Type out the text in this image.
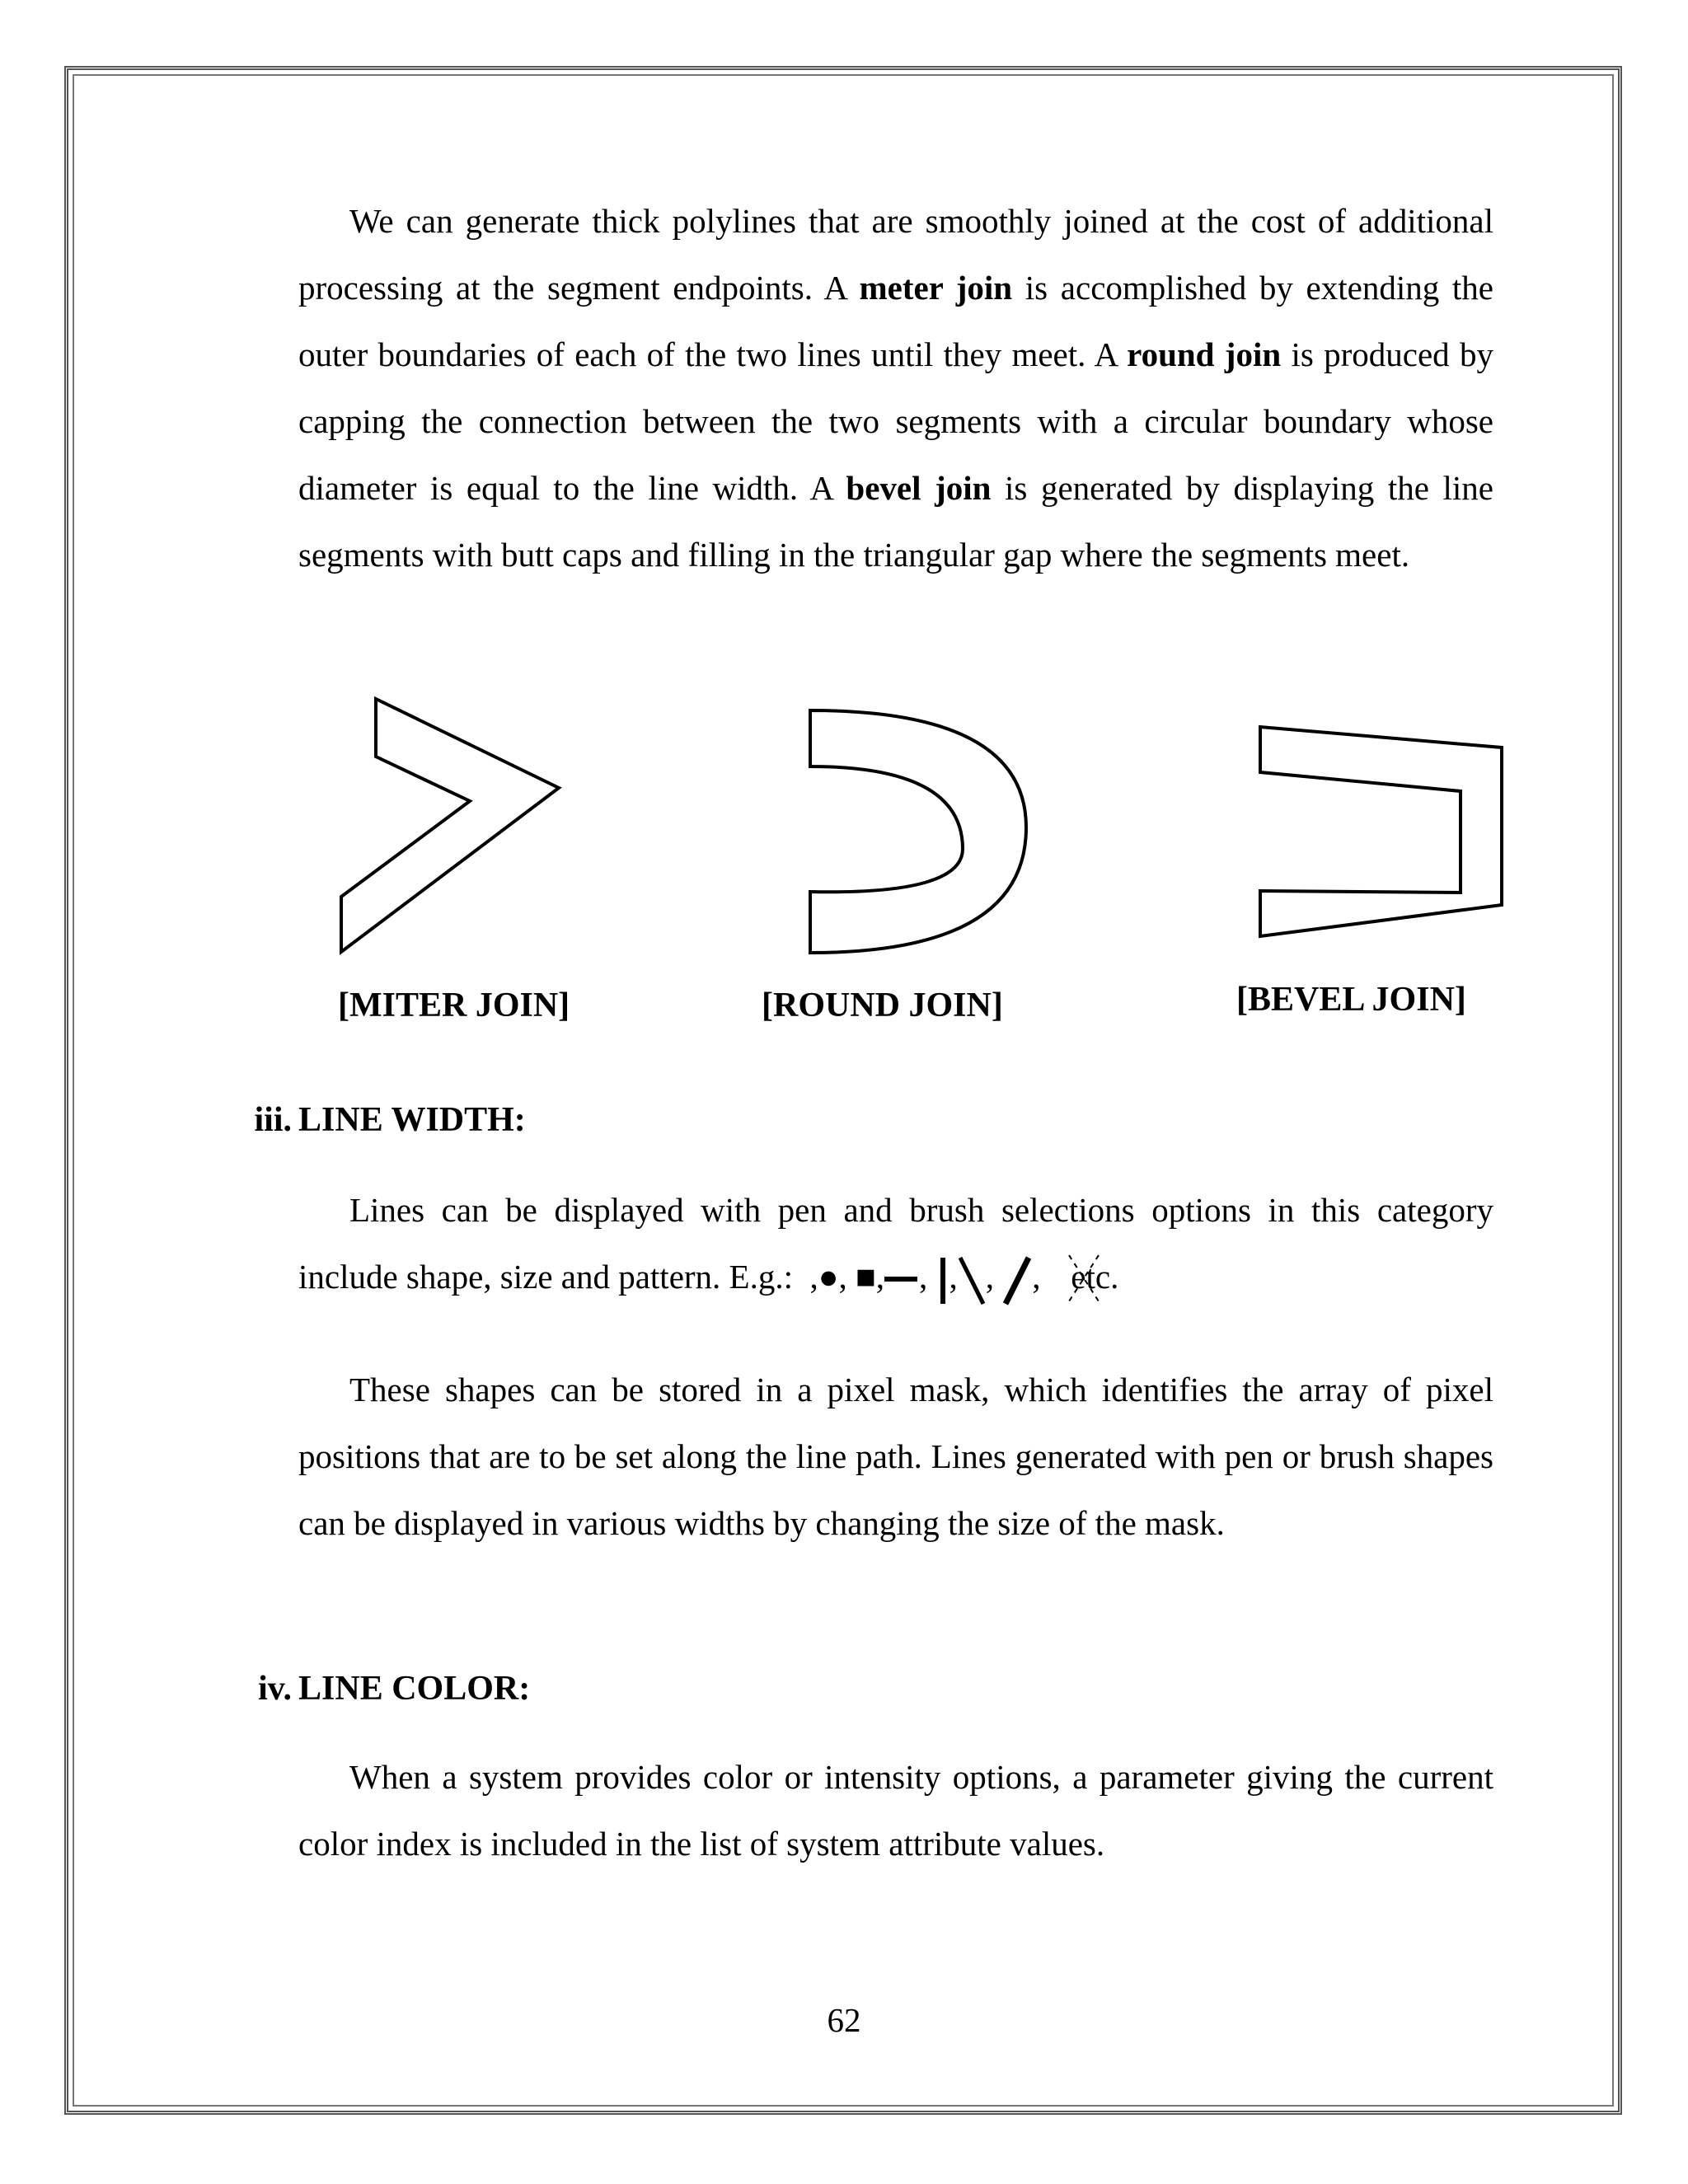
We can generate thick polylines that are smoothly joined at the cost of additional processing at the segment endpoints. A meter join is accomplished by extending the outer boundaries of each of the two lines until they meet. A round join is produced by capping the connection between the two segments with a circular boundary whose diameter is equal to the line width. A bevel join is generated by displaying the line segments with butt caps and filling in the triangular gap where the segments meet.

[MITER JOIN]	[ROUND JOIN]	[BEVEL JOIN]
iii. LINE WIDTH:

Lines can be displayed with pen and brush selections options in this category include shape, size and pattern. E.g.:  ,●, ■, , , , , etc.

These shapes can be stored in a pixel mask, which identifies the array of pixel positions that are to be set along the line path. Lines generated with pen or brush shapes can be displayed in various widths by changing the size of the mask.

iv. LINE COLOR:

When a system provides color or intensity options, a parameter giving the current color index is included in the list of system attribute values.

62
